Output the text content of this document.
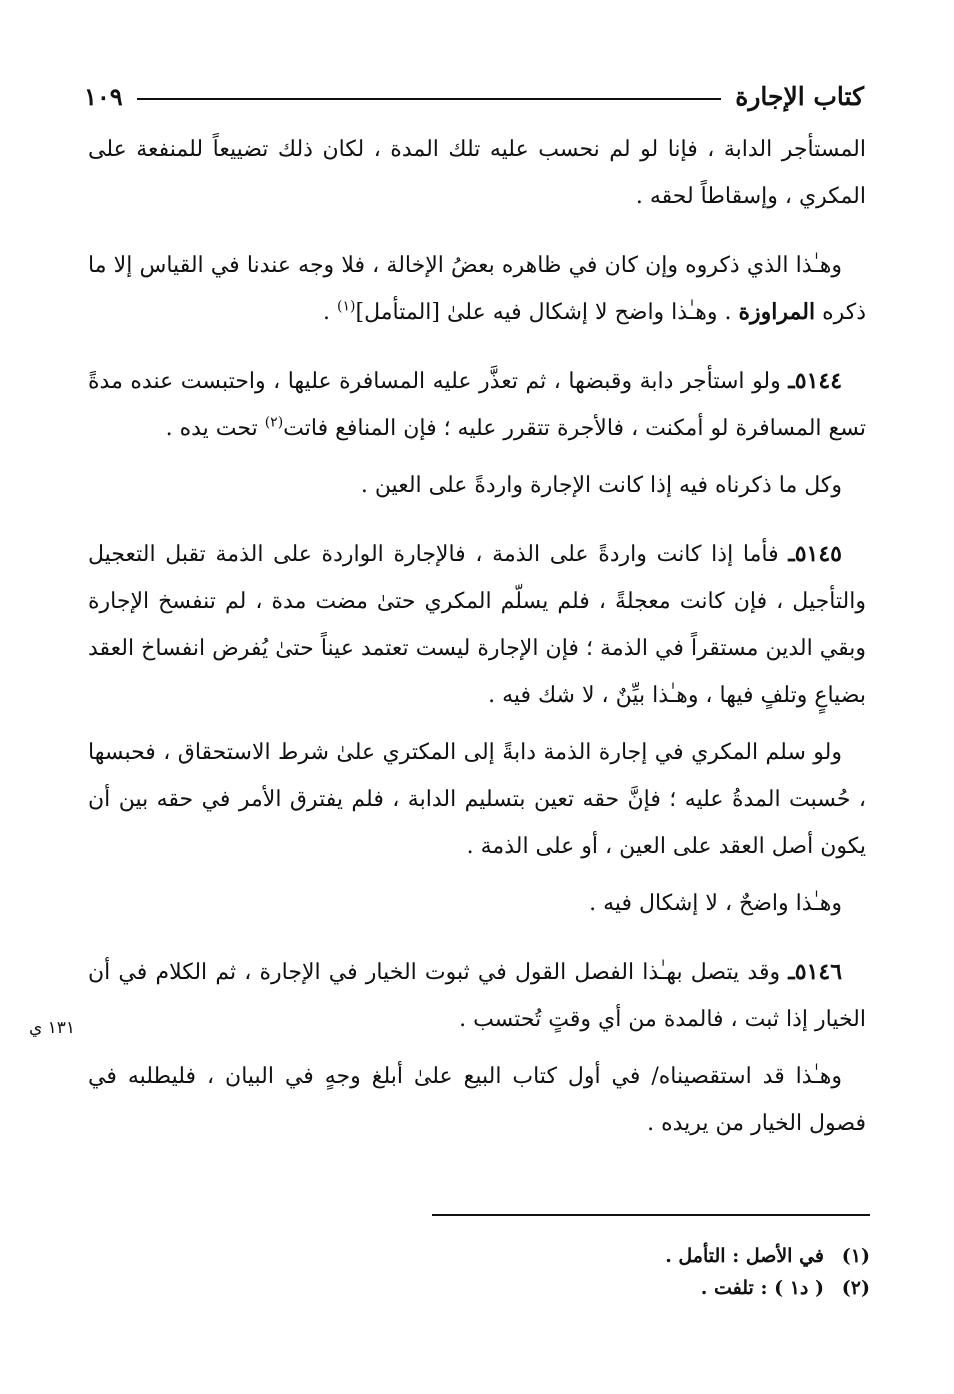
كتاب الإجارة
١٠٩

المستأجر الدابة ، فإنا لو لم نحسب عليه تلك المدة ، لكان ذلك تضييعاً للمنفعة على المكري ، وإسقاطاً لحقه .

وهـٰذا الذي ذكروه وإن كان في ظاهره بعضُ الإخالة ، فلا وجه عندنا في القياس إلا ما ذكره المراوزة . وهـٰذا واضح لا إشكال فيه علىٰ [المتأمل]$^{(١)}$ .

٥١٤٤ـ ولو استأجر دابة وقبضها ، ثم تعذَّر عليه المسافرة عليها ، واحتبست عنده مدةً تسع المسافرة لو أمكنت ، فالأجرة تتقرر عليه ؛ فإن المنافع فاتت$^{(٢)}$ تحت يده .

وكل ما ذكرناه فيه إذا كانت الإجارة واردةً على العين .

٥١٤٥ـ فأما إذا كانت واردةً على الذمة ، فالإجارة الواردة على الذمة تقبل التعجيل والتأجيل ، فإن كانت معجلةً ، فلم يسلّم المكري حتىٰ مضت مدة ، لم تنفسخ الإجارة وبقي الدين مستقراً في الذمة ؛ فإن الإجارة ليست تعتمد عيناً حتىٰ يُفرض انفساخ العقد بضياعٍ وتلفٍ فيها ، وهـٰذا بيِّنٌ ، لا شك فيه .

ولو سلم المكري في إجارة الذمة دابةً إلى المكتري علىٰ شرط الاستحقاق ، فحبسها ، حُسبت المدةُ عليه ؛ فإنَّ حقه تعين بتسليم الدابة ، فلم يفترق الأمر في حقه بين أن يكون أصل العقد على العين ، أو على الذمة .

وهـٰذا واضحٌ ، لا إشكال فيه .

٥١٤٦ـ وقد يتصل بهـٰذا الفصل القول في ثبوت الخيار في الإجارة ، ثم الكلام في أن الخيار إذا ثبت ، فالمدة من أي وقتٍ تُحتسب .

وهـٰذا قد استقصيناه/ في أول كتاب البيع علىٰ أبلغ وجهٍ في البيان ، فليطلبه في فصول الخيار من يريده .

١٣١ ي
(١)
في الأصل : التأمل .
(٢)
( د١ ) : تلفت .
